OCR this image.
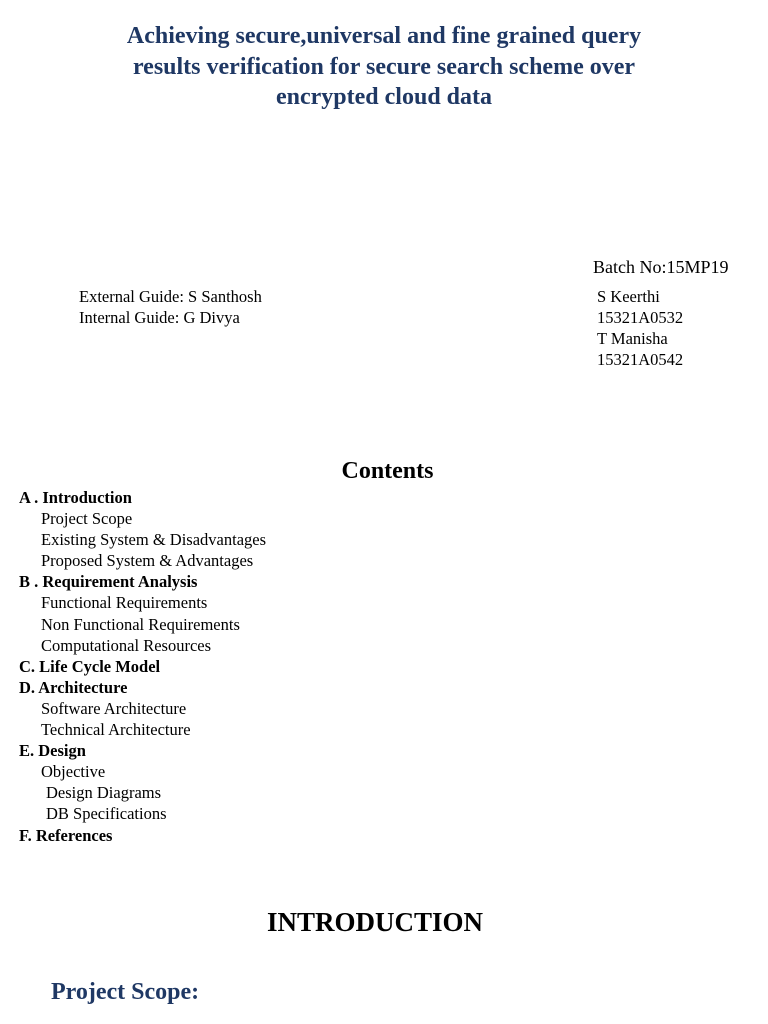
Achieving secure,universal and fine grained query
results verification for secure search scheme over
encrypted cloud data
Batch No:15MP19
External Guide: S Santhosh
Internal Guide: G Divya
S Keerthi
15321A0532
T Manisha
15321A0542
Contents
A . Introduction
Project Scope
Existing System & Disadvantages
Proposed System & Advantages
B . Requirement Analysis
Functional Requirements
Non Functional Requirements
Computational Resources
C. Life Cycle Model
D. Architecture
Software Architecture
Technical Architecture
E. Design
Objective
Design Diagrams
DB Specifications
F. References
INTRODUCTION
Project Scope:
